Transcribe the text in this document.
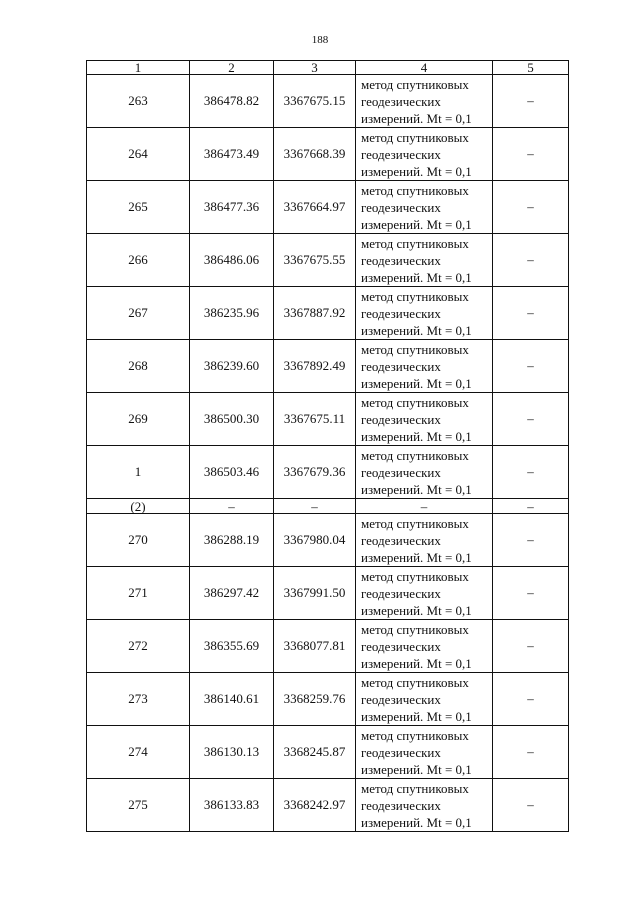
188
1	2	3	4	5
263	386478.82	3367675.15	метод спутниковых
геодезических
измерений. Mt = 0,1	–
264	386473.49	3367668.39	метод спутниковых
геодезических
измерений. Mt = 0,1	–
265	386477.36	3367664.97	метод спутниковых
геодезических
измерений. Mt = 0,1	–
266	386486.06	3367675.55	метод спутниковых
геодезических
измерений. Mt = 0,1	–
267	386235.96	3367887.92	метод спутниковых
геодезических
измерений. Mt = 0,1	–
268	386239.60	3367892.49	метод спутниковых
геодезических
измерений. Mt = 0,1	–
269	386500.30	3367675.11	метод спутниковых
геодезических
измерений. Mt = 0,1	–
1	386503.46	3367679.36	метод спутниковых
геодезических
измерений. Mt = 0,1	–
(2)	–	–	–	–
270	386288.19	3367980.04	метод спутниковых
геодезических
измерений. Mt = 0,1	–
271	386297.42	3367991.50	метод спутниковых
геодезических
измерений. Mt = 0,1	–
272	386355.69	3368077.81	метод спутниковых
геодезических
измерений. Mt = 0,1	–
273	386140.61	3368259.76	метод спутниковых
геодезических
измерений. Mt = 0,1	–
274	386130.13	3368245.87	метод спутниковых
геодезических
измерений. Mt = 0,1	–
275	386133.83	3368242.97	метод спутниковых
геодезических
измерений. Mt = 0,1	–
